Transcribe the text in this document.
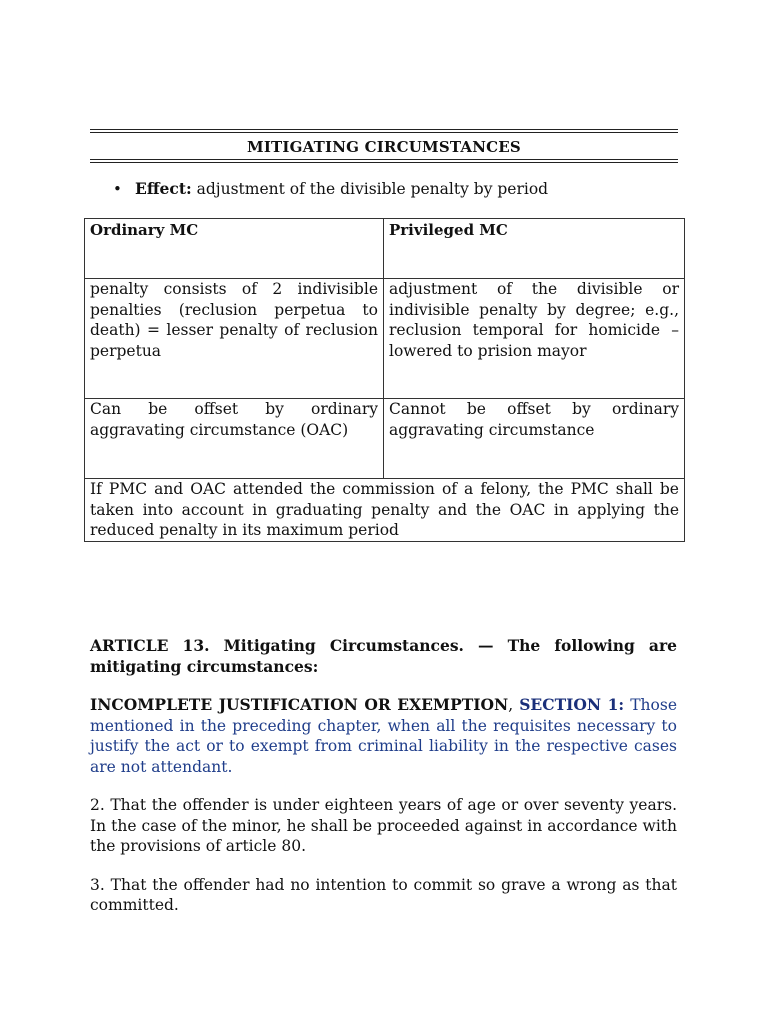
MITIGATING CIRCUMSTANCES
• Effect: adjustment of the divisible penalty by period
Ordinary MC	Privileged MC
penalty consists of 2 indivisible penalties (reclusion perpetua to death) = lesser penalty of reclusion perpetua	adjustment of the divisible or indivisible penalty by degree; e.g., reclusion temporal for homicide – lowered to prision mayor
Can be offset by ordinary aggravating circumstance (OAC)	Cannot be offset by ordinary aggravating circumstance
If PMC and OAC attended the commission of a felony, the PMC shall be taken into account in graduating penalty and the OAC in applying the reduced penalty in its maximum period	

ARTICLE 13. Mitigating Circumstances. — The following are mitigating circumstances:

INCOMPLETE JUSTIFICATION OR EXEMPTION, SECTION 1: Those mentioned in the preceding chapter, when all the requisites necessary to justify the act or to exempt from criminal liability in the respective cases are not attendant.

2. That the offender is under eighteen years of age or over seventy years. In the case of the minor, he shall be proceeded against in accordance with the provisions of article 80.

3. That the offender had no intention to commit so grave a wrong as that committed.
